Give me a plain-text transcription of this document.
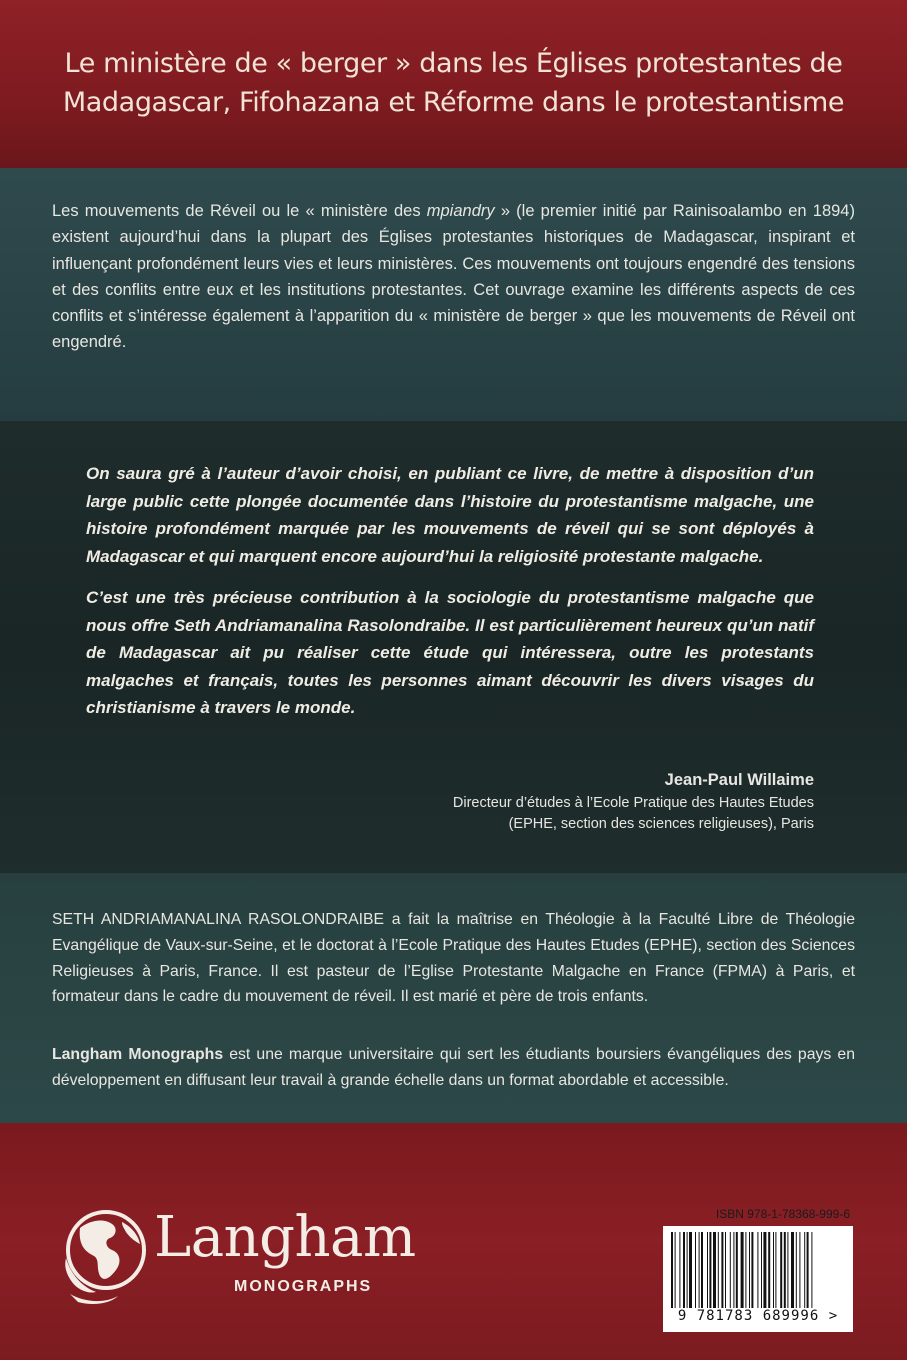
Le ministère de « berger » dans les Églises protestantes de Madagascar, Fifohazana et Réforme dans le protestantisme
Les mouvements de Réveil ou le « ministère des mpiandry » (le premier initié par Rainisoalambo en 1894) existent aujourd’hui dans la plupart des Églises protestantes historiques de Madagascar, inspirant et influençant profondément leurs vies et leurs ministères. Ces mouvements ont toujours engendré des tensions et des conflits entre eux et les institutions protestantes. Cet ouvrage examine les différents aspects de ces conflits et s’intéresse également à l’apparition du « ministère de berger » que les mouvements de Réveil ont engendré.

On saura gré à l’auteur d’avoir choisi, en publiant ce livre, de mettre à disposition d’un large public cette plongée documentée dans l’histoire du protestantisme malgache, une histoire profondément marquée par les mouvements de réveil qui se sont déployés à Madagascar et qui marquent encore aujourd’hui la religiosité protestante malgache.

C’est une très précieuse contribution à la sociologie du protestantisme malgache que nous offre Seth Andriamanalina Rasolondraibe. Il est particulièrement heureux qu’un natif de Madagascar ait pu réaliser cette étude qui intéressera, outre les protestants malgaches et français, toutes les personnes aimant découvrir les divers visages du christianisme à travers le monde.

Jean-Paul Willaime
Directeur d’études à l’Ecole Pratique des Hautes Etudes
(EPHE, section des sciences religieuses), Paris
SETH ANDRIAMANALINA RASOLONDRAIBE a fait la maîtrise en Théologie à la Faculté Libre de Théologie Evangélique de Vaux-sur-Seine, et le doctorat à l’Ecole Pratique des Hautes Etudes (EPHE), section des Sciences Religieuses à Paris, France. Il est pasteur de l’Eglise Protestante Malgache en France (FPMA) à Paris, et formateur dans le cadre du mouvement de réveil. Il est marié et père de trois enfants.
Langham Monographs est une marque universitaire qui sert les étudiants boursiers évangéliques des pays en développement en diffusant leur travail à grande échelle dans un format abordable et accessible.
Langham
MONOGRAPHS
ISBN 978-1-78368-999-6
9 781783 689996 >
